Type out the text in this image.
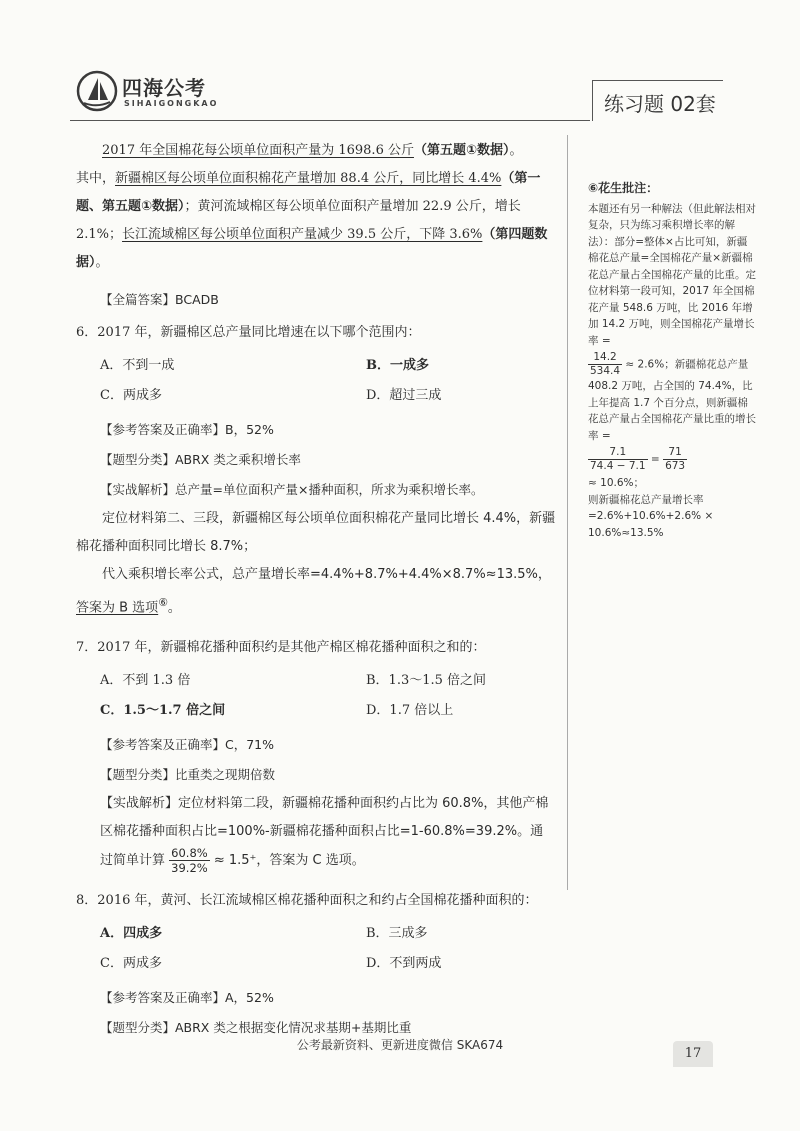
四海公考
SIHAIGONGKAO	练习题 02套

2017 年全国棉花每公顷单位面积产量为 1698.6 公斤（第五题①数据）。

其中，新疆棉区每公顷单位面积棉花产量增加 88.4 公斤，同比增长 4.4%（第一题、第五题①数据）；黄河流域棉区每公顷单位面积产量增加 22.9 公斤，增长 2.1%；长江流域棉区每公顷单位面积产量减少 39.5 公斤，下降 3.6%（第四题数据）。

【全篇答案】BCADB

6．2017 年，新疆棉区总产量同比增速在以下哪个范围内：

A．不到一成	B．一成多
C．两成多	D．超过三成
【参考答案及正确率】B，52%
【题型分类】ABRX 类之乘积增长率
【实战解析】总产量=单位面积产量×播种面积，所求为乘积增长率。

定位材料第二、三段，新疆棉区每公顷单位面积棉花产量同比增长 4.4%，新疆棉花播种面积同比增长 8.7%；

代入乘积增长率公式，总产量增长率=4.4%+8.7%+4.4%×8.7%≈13.5%，答案为 B 选项⑥。

7．2017 年，新疆棉花播种面积约是其他产棉区棉花播种面积之和的：

A．不到 1.3 倍	B．1.3～1.5 倍之间
C．1.5～1.7 倍之间	D．1.7 倍以上
【参考答案及正确率】C，71%
【题型分类】比重类之现期倍数

【实战解析】定位材料第二段，新疆棉花播种面积约占比为 60.8%，其他产棉区棉花播种面积占比=100%-新疆棉花播种面积占比=1-60.8%=39.2%。通过简单计算 $\frac{60.8\%}{39.2\%} \approx 1.5^+$，答案为 C 选项。

8．2016 年，黄河、长江流域棉区棉花播种面积之和约占全国棉花播种面积的：

A．四成多	B．三成多
C．两成多	D．不到两成
【参考答案及正确率】A，52%
【题型分类】ABRX 类之根据变化情况求基期+基期比重
⑥花生批注：
本题还有另一种解法（但此解法相对复杂，只为练习乘积增长率的解法）：部分=整体×占比可知，新疆棉花总产量=全国棉花产量×新疆棉花总产量占全国棉花产量的比重。定位材料第一段可知，2017 年全国棉花产量 548.6 万吨，比 2016 年增加 14.2 万吨，则全国棉花产量增长率 =
$\frac{14.2}{534.4} \approx 2.6\%$；新疆棉花总产量 408.2 万吨，占全国的 74.4%，比上年提高 1.7 个百分点，则新疆棉花总产量占全国棉花产量比重的增长率 =
$\frac{7.1}{74.4 - 7.1} = \frac{71}{673}$
≈ 10.6%；
则新疆棉花总产量增长率 =2.6%+10.6%+2.6% × 10.6%≈13.5%
公考最新资料、更新进度微信 SKA674
17
